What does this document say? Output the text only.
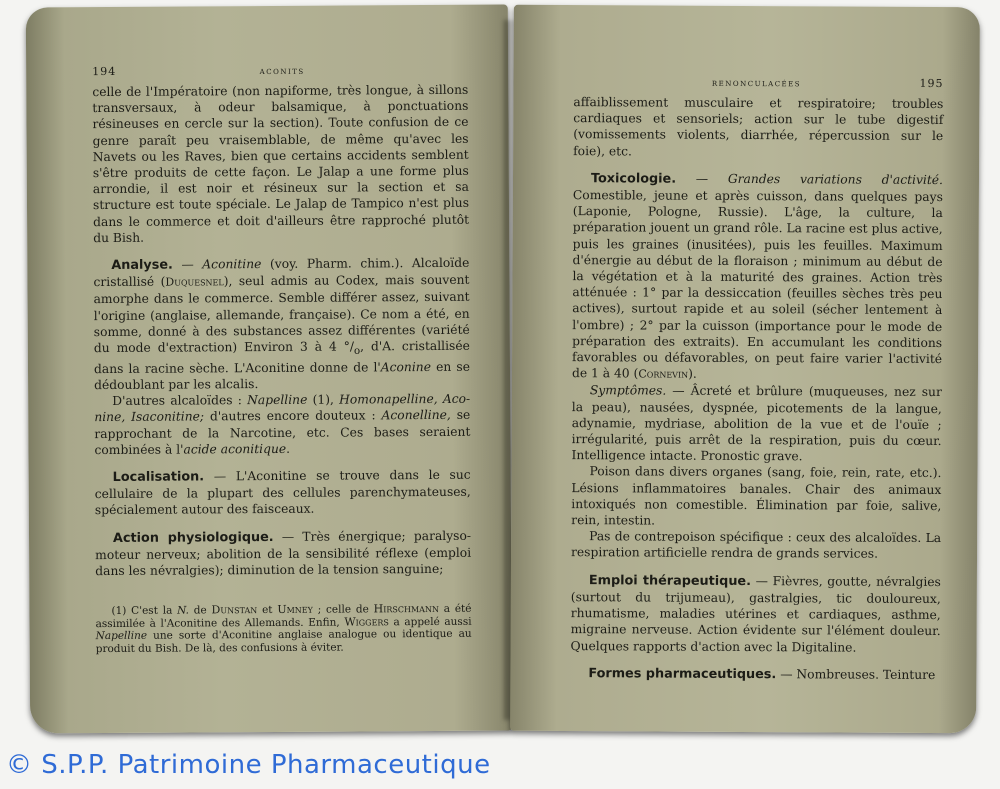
194	ACONITS

celle de l'Impératoire (non napiforme, très longue, à sillons transversaux, à odeur balsamique, à ponctuations résineuses en cercle sur la section). Toute confusion de ce genre paraît peu vraisemblable, de même qu'avec les Navets ou les Raves, bien que certains accidents semblent s'être produits de cette façon. Le Jalap a une forme plus arrondie, il est noir et résineux sur la section et sa structure est toute spéciale. Le Jalap de Tampico n'est plus dans le commerce et doit d'ailleurs être rapproché plutôt du Bish.

Analyse. — Aconitine (voy. Pharm. chim.). Alcaloïde cristallisé (Duquesnel), seul admis au Codex, mais souvent amorphe dans le commerce. Semble différer assez, suivant l'origine (anglaise, allemande, française). Ce nom a été, en somme, donné à des substances assez différentes (variété du mode d'extraction) Environ 3 à 4 $^\circ/_o$, d'A. cristallisée dans la racine sèche. L'Aconitine donne de l'Aconine en se dédoublant par les alcalis.

D'autres alcaloïdes : Napelline (1), Homonapelline, Aconine, Isaconitine; d'autres encore douteux : Aconelline, se rapprochant de la Narcotine, etc. Ces bases seraient combinées à l'acide aconitique.

Localisation. — L'Aconitine se trouve dans le suc cellulaire de la plupart des cellules parenchymateuses, spécialement autour des faisceaux.

Action physiologique. — Très énergique; paralyso-moteur nerveux; abolition de la sensibilité réflexe (emploi dans les névralgies); diminution de la tension sanguine;

(1) C'est la N. de Dunstan et Umney ; celle de Hirschmann a été assimilée à l'Aconitine des Allemands. Enfin, Wiggers a appelé aussi Napelline une sorte d'Aconitine anglaise analogue ou identique au produit du Bish. De là, des confusions à éviter.

RENONCULACÉES	195

affaiblissement musculaire et respiratoire; troubles cardiaques et sensoriels; action sur le tube digestif (vomissements violents, diarrhée, répercussion sur le foie), etc.

Toxicologie. — Grandes variations d'activité. Comestible, jeune et après cuisson, dans quelques pays (Laponie, Pologne, Russie). L'âge, la culture, la préparation jouent un grand rôle. La racine est plus active, puis les graines (inusitées), puis les feuilles. Maximum d'énergie au début de la floraison ; minimum au début de la végétation et à la maturité des graines. Action très atténuée : 1° par la dessiccation (feuilles sèches très peu actives), surtout rapide et au soleil (sécher lentement à l'ombre) ; 2° par la cuisson (importance pour le mode de préparation des extraits). En accumulant les conditions favorables ou défavorables, on peut faire varier l'activité de 1 à 40 (Cornevin).

Symptômes. — Âcreté et brûlure (muqueuses, nez sur la peau), nausées, dyspnée, picotements de la langue, adynamie, mydriase, abolition de la vue et de l'ouïe ; irrégularité, puis arrêt de la respiration, puis du cœur. Intelligence intacte. Pronostic grave.

Poison dans divers organes (sang, foie, rein, rate, etc.). Lésions inflammatoires banales. Chair des animaux intoxiqués non comestible. Élimination par foie, salive, rein, intestin.

Pas de contrepoison spécifique : ceux des alcaloïdes. La respiration artificielle rendra de grands services.

Emploi thérapeutique. — Fièvres, goutte, névralgies (surtout du trijumeau), gastralgies, tic douloureux, rhumatisme, maladies utérines et cardiaques, asthme, migraine nerveuse. Action évidente sur l'élément douleur. Quelques rapports d'action avec la Digitaline.

Formes pharmaceutiques. — Nombreuses. Teinture

© S.P.P. Patrimoine Pharmaceutique
